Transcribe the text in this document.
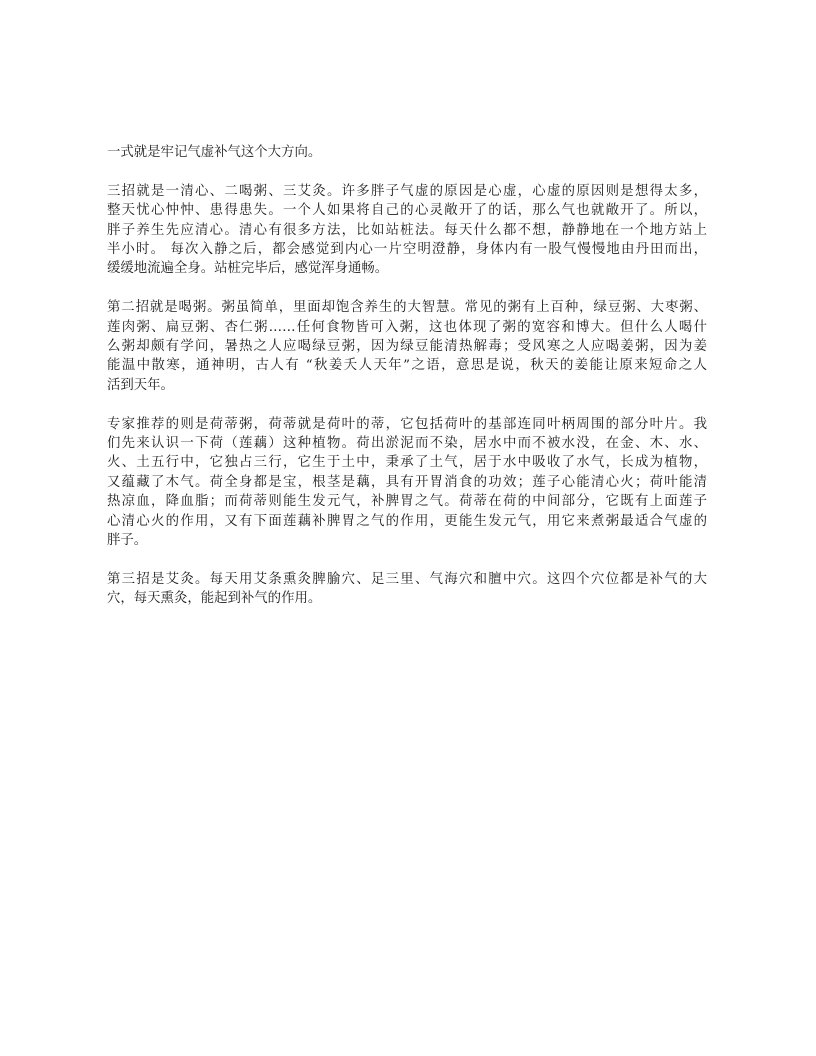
一式就是牢记气虚补气这个大方向。

三招就是一清心、二喝粥、三艾灸。许多胖子气虚的原因是心虚，心虚的原因则是想得太多，
整天忧心忡忡、患得患失。一个人如果将自己的心灵敞开了的话，那么气也就敞开了。所以，
胖子养生先应清心。清心有很多方法，比如站桩法。每天什么都不想，静静地在一个地方站上
半小时。 每次入静之后，都会感觉到内心一片空明澄静，身体内有一股气慢慢地由丹田而出，
缓缓地流遍全身。站桩完毕后，感觉浑身通畅。

第二招就是喝粥。粥虽简单，里面却饱含养生的大智慧。常见的粥有上百种，绿豆粥、大枣粥、
莲肉粥、扁豆粥、杏仁粥……任何食物皆可入粥，这也体现了粥的宽容和博大。但什么人喝什
么粥却颇有学问，暑热之人应喝绿豆粥，因为绿豆能清热解毒；受风寒之人应喝姜粥，因为姜
能温中散寒，通神明，古人有 “秋姜夭人天年”之语，意思是说，秋天的姜能让原来短命之人
活到天年。

专家推荐的则是荷蒂粥，荷蒂就是荷叶的蒂，它包括荷叶的基部连同叶柄周围的部分叶片。我
们先来认识一下荷（莲藕）这种植物。荷出淤泥而不染，居水中而不被水没，在金、木、水、
火、土五行中，它独占三行，它生于土中，秉承了土气，居于水中吸收了水气，长成为植物，
又蕴藏了木气。荷全身都是宝，根茎是藕，具有开胃消食的功效；莲子心能清心火；荷叶能清
热凉血，降血脂；而荷蒂则能生发元气，补脾胃之气。荷蒂在荷的中间部分，它既有上面莲子
心清心火的作用，又有下面莲藕补脾胃之气的作用，更能生发元气，用它来煮粥最适合气虚的
胖子。

第三招是艾灸。每天用艾条熏灸脾腧穴、足三里、气海穴和膻中穴。这四个穴位都是补气的大
穴，每天熏灸，能起到补气的作用。
